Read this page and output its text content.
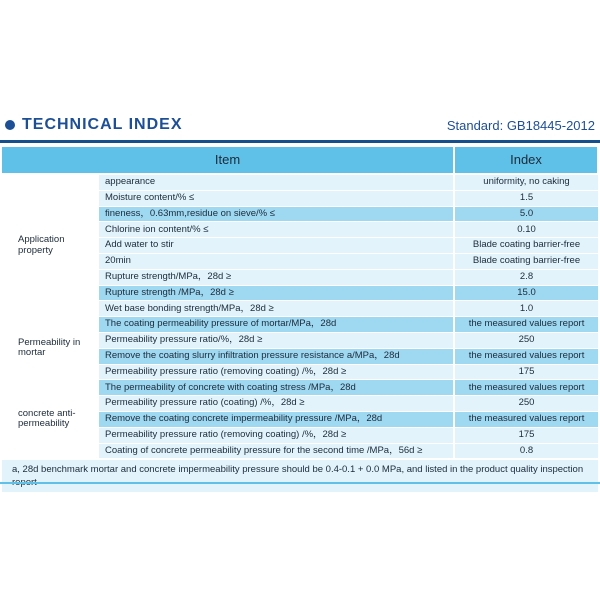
TECHNICAL INDEX	Standard: GB18445-2012
Item		Index
Application property	appearance	uniformity, no caking
	Moisture content/% ≤	1.5
	fineness，0.63mm,residue on sieve/% ≤	5.0
	Chlorine ion content/% ≤	0.10
	Add water to stir	Blade coating barrier-free
	20min	Blade coating barrier-free
	Rupture strength/MPa，28d ≥	2.8
	Rupture strength /MPa，28d ≥	15.0
	Wet base bonding strength/MPa，28d ≥	1.0
Permeability in mortar	The coating permeability pressure of mortar/MPa，28d	the measured values report
	Permeability pressure ratio/%，28d ≥	250
	Remove the coating slurry infiltration pressure resistance a/MPa，28d	the measured values report
	Permeability pressure ratio (removing coating) /%，28d ≥	175
concrete anti-permeability	The permeability of concrete with coating stress /MPa，28d	the measured values report
	Permeability pressure ratio (coating) /%，28d ≥	250
	Remove the coating concrete impermeability pressure /MPa，28d	the measured values report
	Permeability pressure ratio (removing coating) /%，28d ≥	175
	Coating of concrete permeability pressure for the second time /MPa，56d ≥	0.8
a, 28d benchmark mortar and concrete impermeability pressure should be 0.4-0.1 + 0.0 MPa, and listed in the product quality inspection		
